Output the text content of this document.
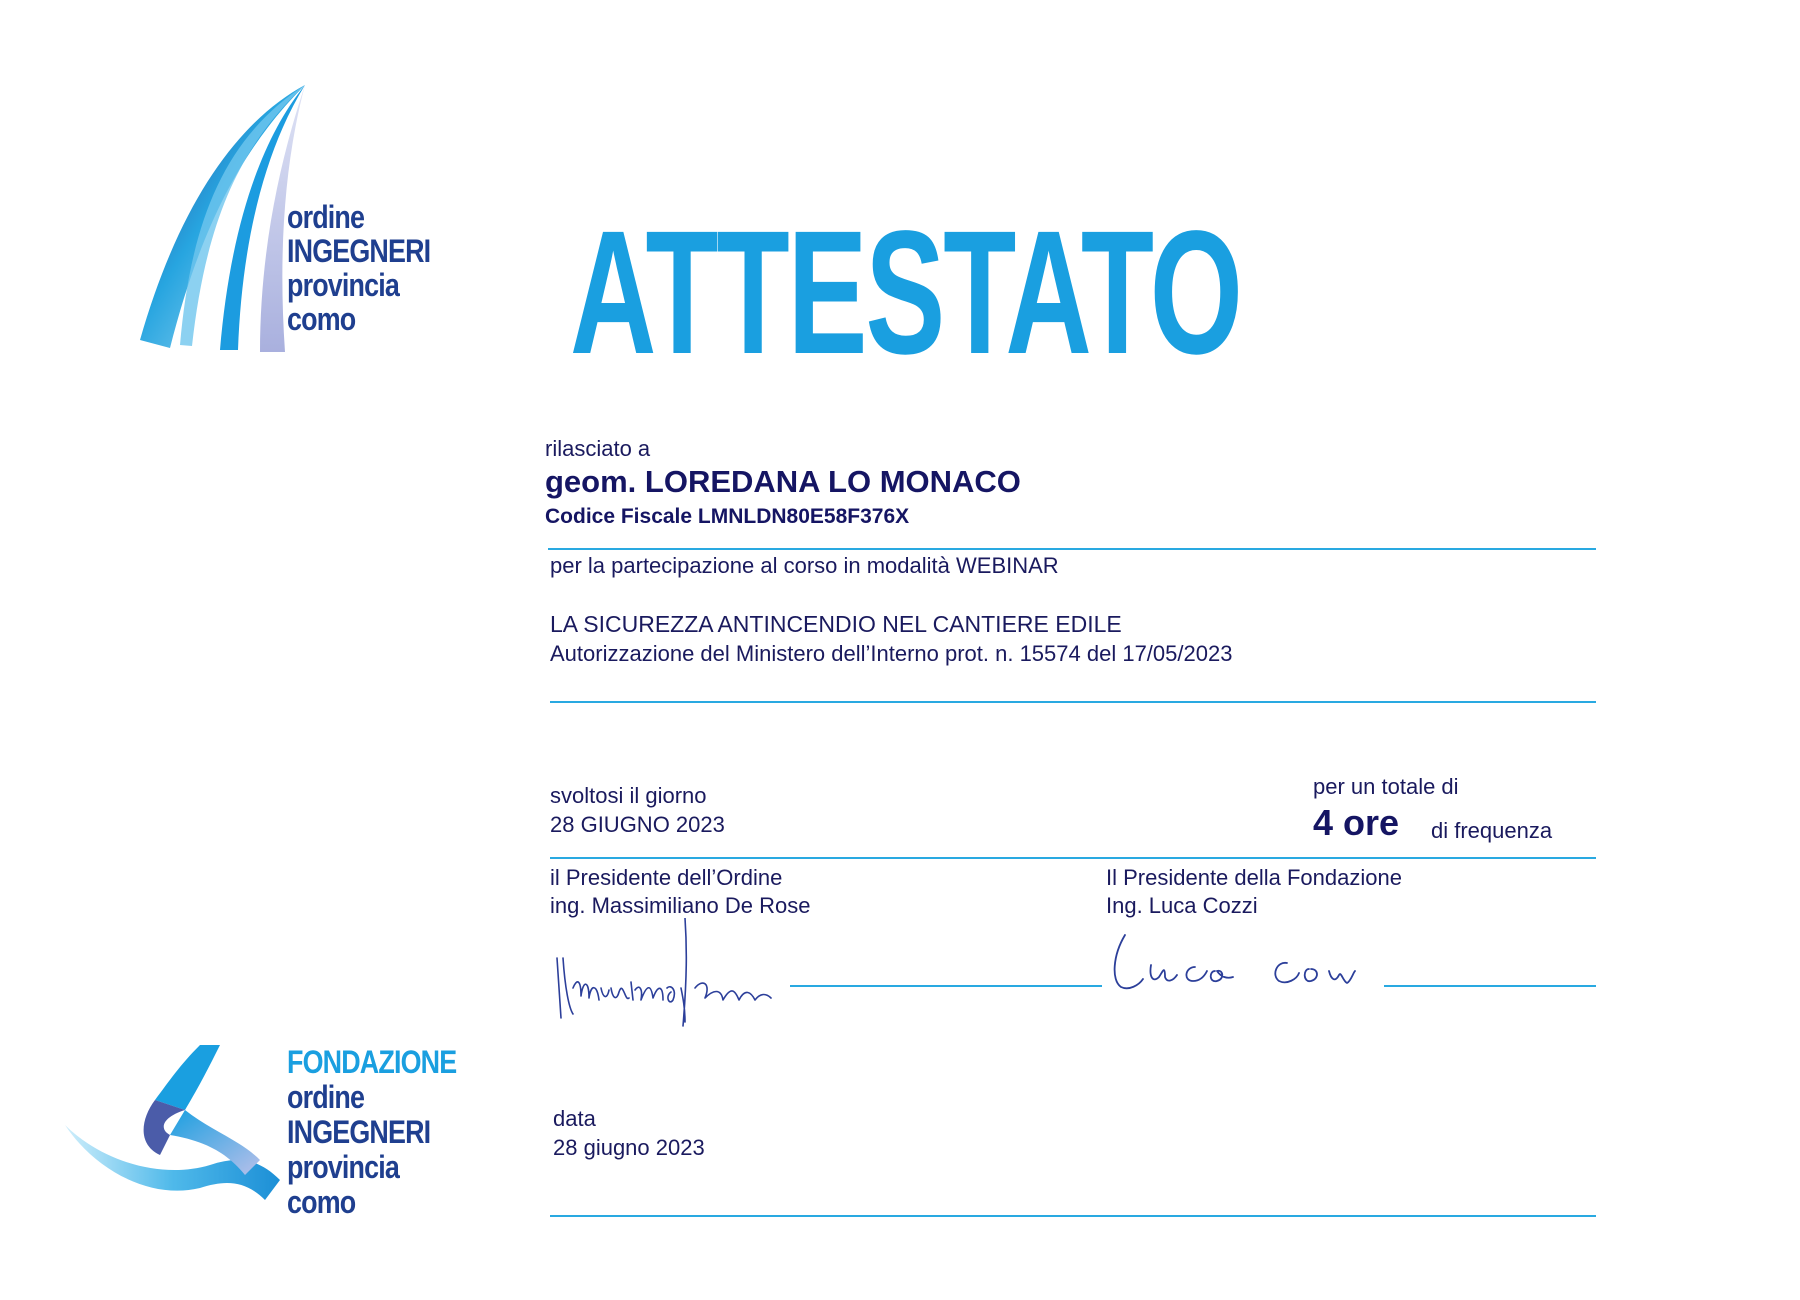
ordine
INGEGNERI
provincia
como	ATTESTATO
rilasciato a
geom. LOREDANA LO MONACO
Codice Fiscale LMNLDN80E58F376X
per la partecipazione al corso in modalità WEBINAR
LA SICUREZZA ANTINCENDIO NEL CANTIERE EDILE
Autorizzazione del Ministero dell’Interno prot. n. 15574 del 17/05/2023
svoltosi il giorno
28 GIUGNO 2023
per un totale di
4 ore di frequenza
il Presidente dell’Ordine
ing. Massimiliano De Rose
Il Presidente della Fondazione
Ing. Luca Cozzi
data
28 giugno 2023
FONDAZIONE
ordine
INGEGNERI
provincia
como
